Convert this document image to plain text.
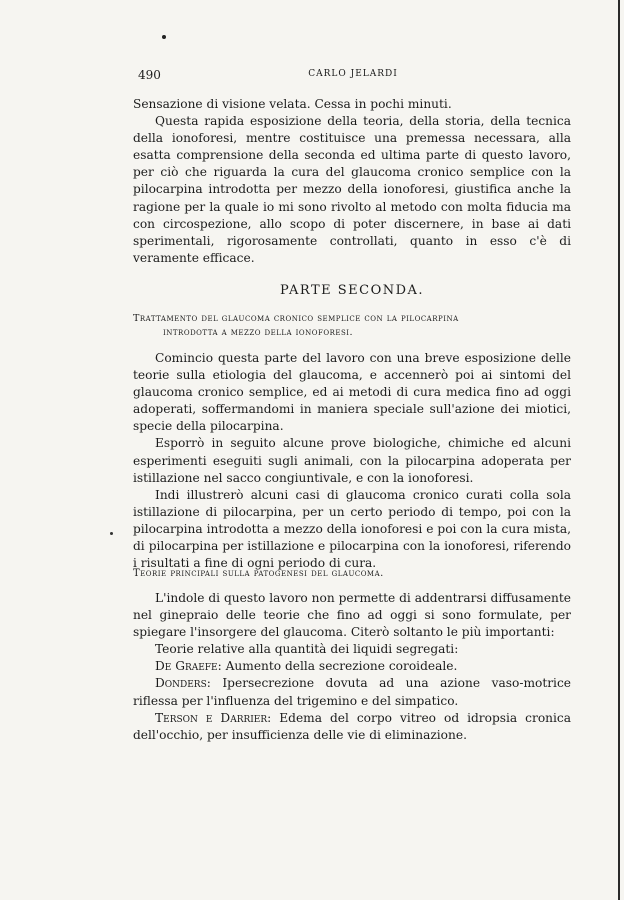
490	CARLO JELARDI

Sensazione di visione velata. Cessa in pochi minuti.

Questa rapida esposizione della teoria, della storia, della tecnica della ionoforesi, mentre costituisce una premessa necessara, alla esatta comprensione della seconda ed ultima parte di questo lavoro, per ciò che riguarda la cura del glaucoma cronico semplice con la pilocarpina introdotta per mezzo della ionoforesi, giustifica anche la ragione per la quale io mi sono rivolto al metodo con molta fiducia ma con circospezione, allo scopo di poter discernere, in base ai dati sperimentali, rigorosamente controllati, quanto in esso c'è di veramente efficace.

PARTE SECONDA.
Trattamento del glaucoma cronico semplice con la pilocarpina
introdotta a mezzo della ionoforesi.

Comincio questa parte del lavoro con una breve esposizione delle teorie sulla etiologia del glaucoma, e accennerò poi ai sintomi del glaucoma cronico semplice, ed ai metodi di cura medica fino ad oggi adoperati, soffermandomi in maniera speciale sull'azione dei miotici, specie della pilocarpina.

Esporrò in seguito alcune prove biologiche, chimiche ed alcuni esperimenti eseguiti sugli animali, con la pilocarpina adoperata per istillazione nel sacco congiuntivale, e con la ionoforesi.

Indi illustrerò alcuni casi di glaucoma cronico curati colla sola istillazione di pilocarpina, per un certo periodo di tempo, poi con la pilocarpina introdotta a mezzo della ionoforesi e poi con la cura mista, di pilocarpina per istillazione e pilocarpina con la ionoforesi, riferendo i risultati a fine di ogni periodo di cura.

Teorie principali sulla patogenesi del glaucoma.

L'indole di questo lavoro non permette di addentrarsi diffusamente nel ginepraio delle teorie che fino ad oggi si sono formulate, per spiegare l'insorgere del glaucoma. Citerò soltanto le più importanti:

Teorie relative alla quantità dei liquidi segregati:

De Graefe: Aumento della secrezione coroideale.

Donders: Ipersecrezione dovuta ad una azione vaso-motrice riflessa per l'influenza del trigemino e del simpatico.

Terson e Darrier: Edema del corpo vitreo od idropsia cronica dell'occhio, per insufficienza delle vie di eliminazione.
